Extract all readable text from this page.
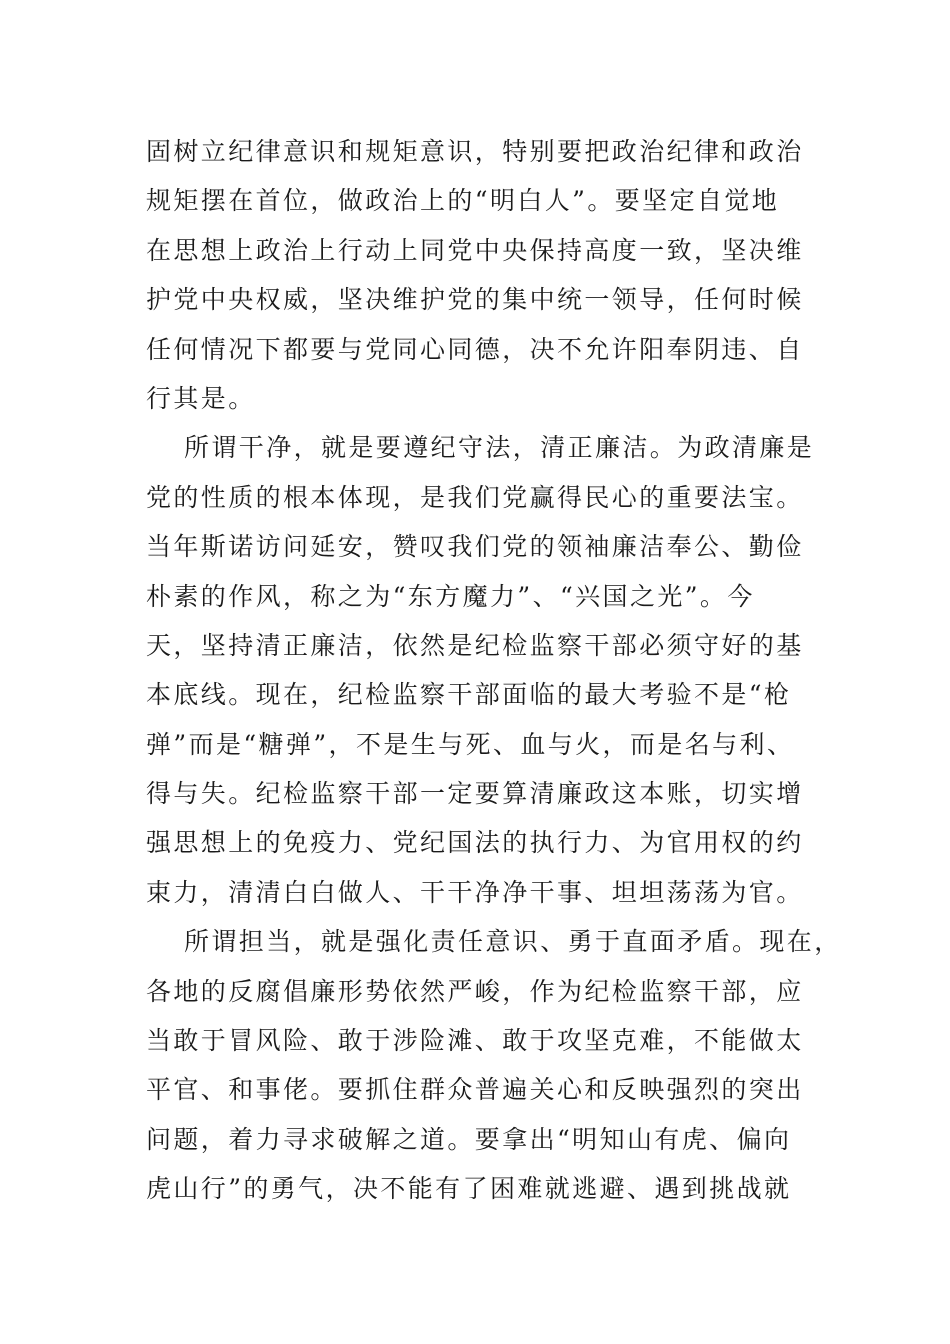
固树立纪律意识和规矩意识，特别要把政治纪律和政治
规矩摆在首位，做政治上的“明白人”。要坚定自觉地
在思想上政治上行动上同党中央保持高度一致，坚决维
护党中央权威，坚决维护党的集中统一领导，任何时候
任何情况下都要与党同心同德，决不允许阳奉阴违、自
行其是。
所谓干净，就是要遵纪守法，清正廉洁。为政清廉是
党的性质的根本体现，是我们党赢得民心的重要法宝。
当年斯诺访问延安，赞叹我们党的领袖廉洁奉公、勤俭
朴素的作风，称之为“东方魔力”、“兴国之光”。今
天，坚持清正廉洁，依然是纪检监察干部必须守好的基
本底线。现在，纪检监察干部面临的最大考验不是“枪
弹”而是“糖弹”，不是生与死、血与火，而是名与利、
得与失。纪检监察干部一定要算清廉政这本账，切实增
强思想上的免疫力、党纪国法的执行力、为官用权的约
束力，清清白白做人、干干净净干事、坦坦荡荡为官。
所谓担当，就是强化责任意识、勇于直面矛盾。现在，
各地的反腐倡廉形势依然严峻，作为纪检监察干部，应
当敢于冒风险、敢于涉险滩、敢于攻坚克难，不能做太
平官、和事佬。要抓住群众普遍关心和反映强烈的突出
问题，着力寻求破解之道。要拿出“明知山有虎、偏向
虎山行”的勇气，决不能有了困难就逃避、遇到挑战就
